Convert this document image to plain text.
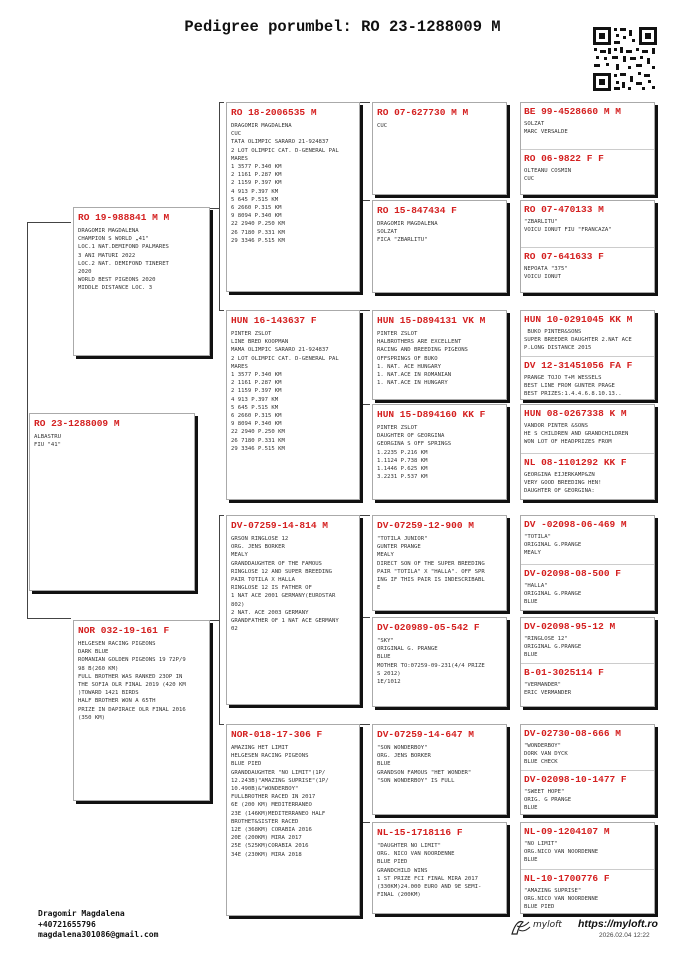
Pedigree porumbel: RO 23-1288009 M
RO 23-1288009 M
ALBASTRU
FIU "41"
RO 19-988841 M M
DRAGOMIR MAGDALENA
CHAMPION S WORLD „41"
LOC.1 NAT.DEMIFOND PALMARES
3 ANI MATURI 2022
LOC.2 NAT. DEMIFOND TINERET
2020
WORLD BEST PIGEONS 2020
MIDDLE DISTANCE LOC. 3
NOR 032-19-161 F
HELGESEN RACING PIGEONS
DARK BLUE
ROMANIAN GOLDEN PIGEONS 19 72P/9
98 B(260 KM)
FULL BROTHER WAS RANKED 23OP IN
THE SOFIA OLR FINAL 2019 (420 KM
)TOWARD 1421 BIRDS
HALF BROTHER WON A 65TH
PRIZE IN DAPIRACE OLR FINAL 2016
(350 KM)
RO 18-2006535 M
DRAGOMIR MAGDALENA
CUC
TATA OLIMPIC SARARO 21-924837
2 LOT OLIMPIC CAT. D-GENERAL PAL
MARES
1 3577 P.340 KM
2 1161 P.287 KM
2 1159 P.397 KM
4 913 P.397 KM
5 645 P.515 KM
6 2660 P.315 KM
9 8094 P.340 KM
22 2940 P.250 KM
26 7180 P.331 KM
29 3346 P.515 KM
HUN 16-143637 F
PINTER ZSLOT
LINE BRED KOOPMAN
MAMA OLIMPIC SARARO 21-924837
2 LOT OLIMPIC CAT. D-GENERAL PAL
MARES
1 3577 P.340 KM
2 1161 P.287 KM
2 1159 P.397 KM
4 913 P.397 KM
5 645 P.515 KM
6 2660 P.315 KM
9 8094 P.340 KM
22 2940 P.250 KM
26 7180 P.331 KM
29 3346 P.515 KM
DV-07259-14-814 M
GRSON RINGLOSE 12
ORG. JENS BORKER
MEALY
GRANDDAUGHTER OF THE FAMOUS
RINGLOSE 12 AND SUPER BREEDING
PAIR TOTILA X HALLA
RINGLOSE 12 IS FATHER OF
1 NAT ACE 2001 GERMANY(EUROSTAR
802)
2 NAT. ACE 2003 GERMANY
GRANDFATHER OF 1 NAT ACE GERMANY
02
NOR-018-17-306 F
AMAZING HET LIMIT
HELGESEN RACING PIGEONS
BLUE PIED
GRANDDAUGHTER "NO LIMIT"(1P/
12.243B)"AMAZING SUPRISE"(1P/
10.490B)&"WONDERBOY"
FULLBROTHER RACED IN 2017
6E (200 KM) MEDITERRANEO
23E (146KM)MEDITERRANEO HALF
BROTHET&SISTER RACED
12E (368KM) CORABIA 2016
20E (200KM) MIRA 2017
25E (525KM)CORABIA 2016
34E (230KM) MIRA 2018
RO 07-627730 M M
CUC
RO 15-847434 F
DRAGOMIR MAGDALENA
SOLZAT
FICA "ZBARLITU"
HUN 15-D894131 VK M
PINTER ZSLOT
HALBROTHERS ARE EXCELLENT
RACING AND BREEDING PIGEONS
OFFSPRINGS OF BUKO
1. NAT. ACE HUNGARY
1. NAT.ACE IN ROMANIAN
1. NAT.ACE IN HUNGARY
HUN 15-D894160 KK F
PINTER ZSLOT
DAUGHTER OF GEORGINA
GEORGINA S OFF SPRINGS
1.2235 P.216 KM
1.1124 P.738 KM
1.1446 P.625 KM
3.2231 P.537 KM
DV-07259-12-900 M
"TOTILA JUNIOR"
GUNTER PRANGE
MEALY
DIRECT SON OF THE SUPER BREEDING
PAIR "TOTILA" X "HALLA". OFF SPR
ING IF THIS PAIR IS INDESCRIBABL
E
DV-020989-05-542 F
"SKY"
ORIGINAL G. PRANGE
BLUE
MOTHER TO:07259-09-231(4/4 PRIZE
S 2012)
1E/1012
DV-07259-14-647 M
"SON WONDERBOY"
ORG. JENS BORKER
BLUE
GRANDSON FAMOUS "HET WONDER"
"SON WONDERBOY" IS FULL
NL-15-1718116 F
"DAUGHTER NO LIMIT"
ORG. NICO VAN NOORDENNE
BLUE PIED
GRANDCHILD WINS
1 ST PRIZE FCI FINAL MIRA 2017
(330KM)24.000 EURO AND 9E SEMI-
FINAL (200KM)
BE 99-4528660 M M
SOLZAT
MARC VERSALDE
RO 06-9822 F F
OLTEANU COSMIN
CUC
RO 07-470133 M
"ZBARLITU"
VOICU IONUT FIU "FRANCAZA"
RO 07-641633 F
NEPOATA "375"
VOICU IONUT
HUN 10-0291045 KK M
BUKO PINTER&SONS
SUPER BREEDER DAUGHTER 2.NAT ACE
P.LONG DISTANCE 2015
DV 12-31451056 FA F
PRANGE TOJO T+M WESSELS
BEST LINE FROM GUNTER PRAGE
BEST PRIZES:1.4.4.6.8.10.13..
HUN 08-0267338 K M
VANDOR PINTER &SONS
HE S CHILDREN AND GRANDCHILDREN
WON LOT OF HEADPRIZES FROM
NL 08-1101292 KK F
GEORGINA EIJERKAMP&ZN
VERY GOOD BREEDING HEN!
DAUGHTER OF GEORGINA:
DV -02098-06-469 M
"TOTILA"
ORIGINAL G.PRANGE
MEALY
DV-02098-08-500 F
"HALLA"
ORIGINAL G.PRANGE
BLUE
DV-02098-95-12 M
"RINGLOSE 12"
ORIGINAL G.PRANGE
BLUE
B-01-3025114 F
"VERMANDER"
ERIC VERMANDER
DV-02730-08-666 M
"WONDERBOY"
DORK VAN DYCK
BLUE CHECK
DV-02098-10-1477 F
"SWEET HOPE"
ORIG. G PRANGE
BLUE
NL-09-1204107 M
"NO LIMIT"
ORG.NICO VAN NOORDENNE
BLUE
NL-10-1700776 F
"AMAZING SUPRISE"
ORG.NICO VAN NOORDENNE
BLUE PIED
Dragomir Magdalena
+40721655796
magdalena301086@gmail.com
myloft https://myloft.ro
2026.02.04 12:22
